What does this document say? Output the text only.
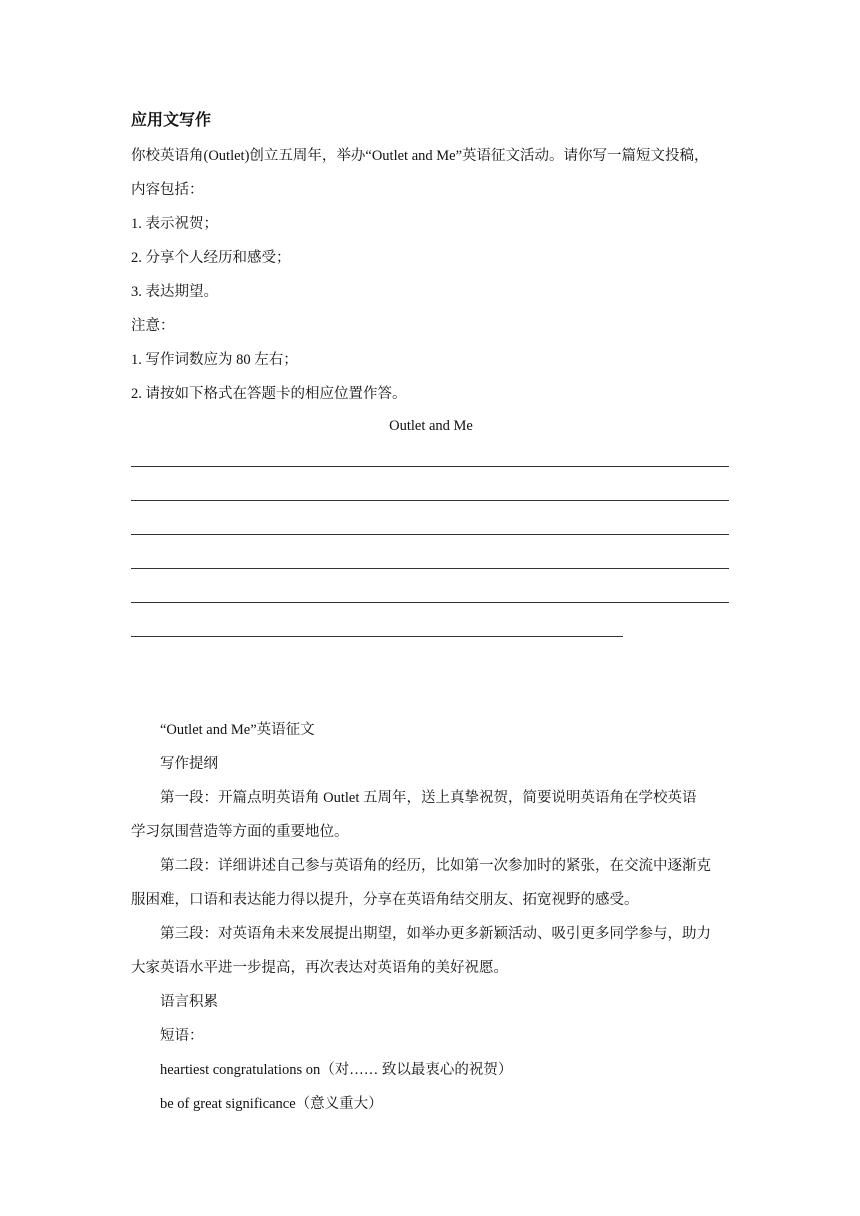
应用文写作
你校英语角(Outlet)创立五周年，举办“Outlet and Me”英语征文活动。请你写一篇短文投稿，
内容包括：
1. 表示祝贺；
2. 分享个人经历和感受；
3. 表达期望。
注意：
1. 写作词数应为 80 左右；
2. 请按如下格式在答题卡的相应位置作答。
Outlet and Me
“Outlet and Me”英语征文
写作提纲
第一段：开篇点明英语角 Outlet 五周年，送上真挚祝贺，简要说明英语角在学校英语
学习氛围营造等方面的重要地位。
第二段：详细讲述自己参与英语角的经历，比如第一次参加时的紧张，在交流中逐渐克
服困难，口语和表达能力得以提升，分享在英语角结交朋友、拓宽视野的感受。
第三段：对英语角未来发展提出期望，如举办更多新颖活动、吸引更多同学参与，助力
大家英语水平进一步提高，再次表达对英语角的美好祝愿。
语言积累
短语：
heartiest congratulations on（对…… 致以最衷心的祝贺）
be of great significance（意义重大）
